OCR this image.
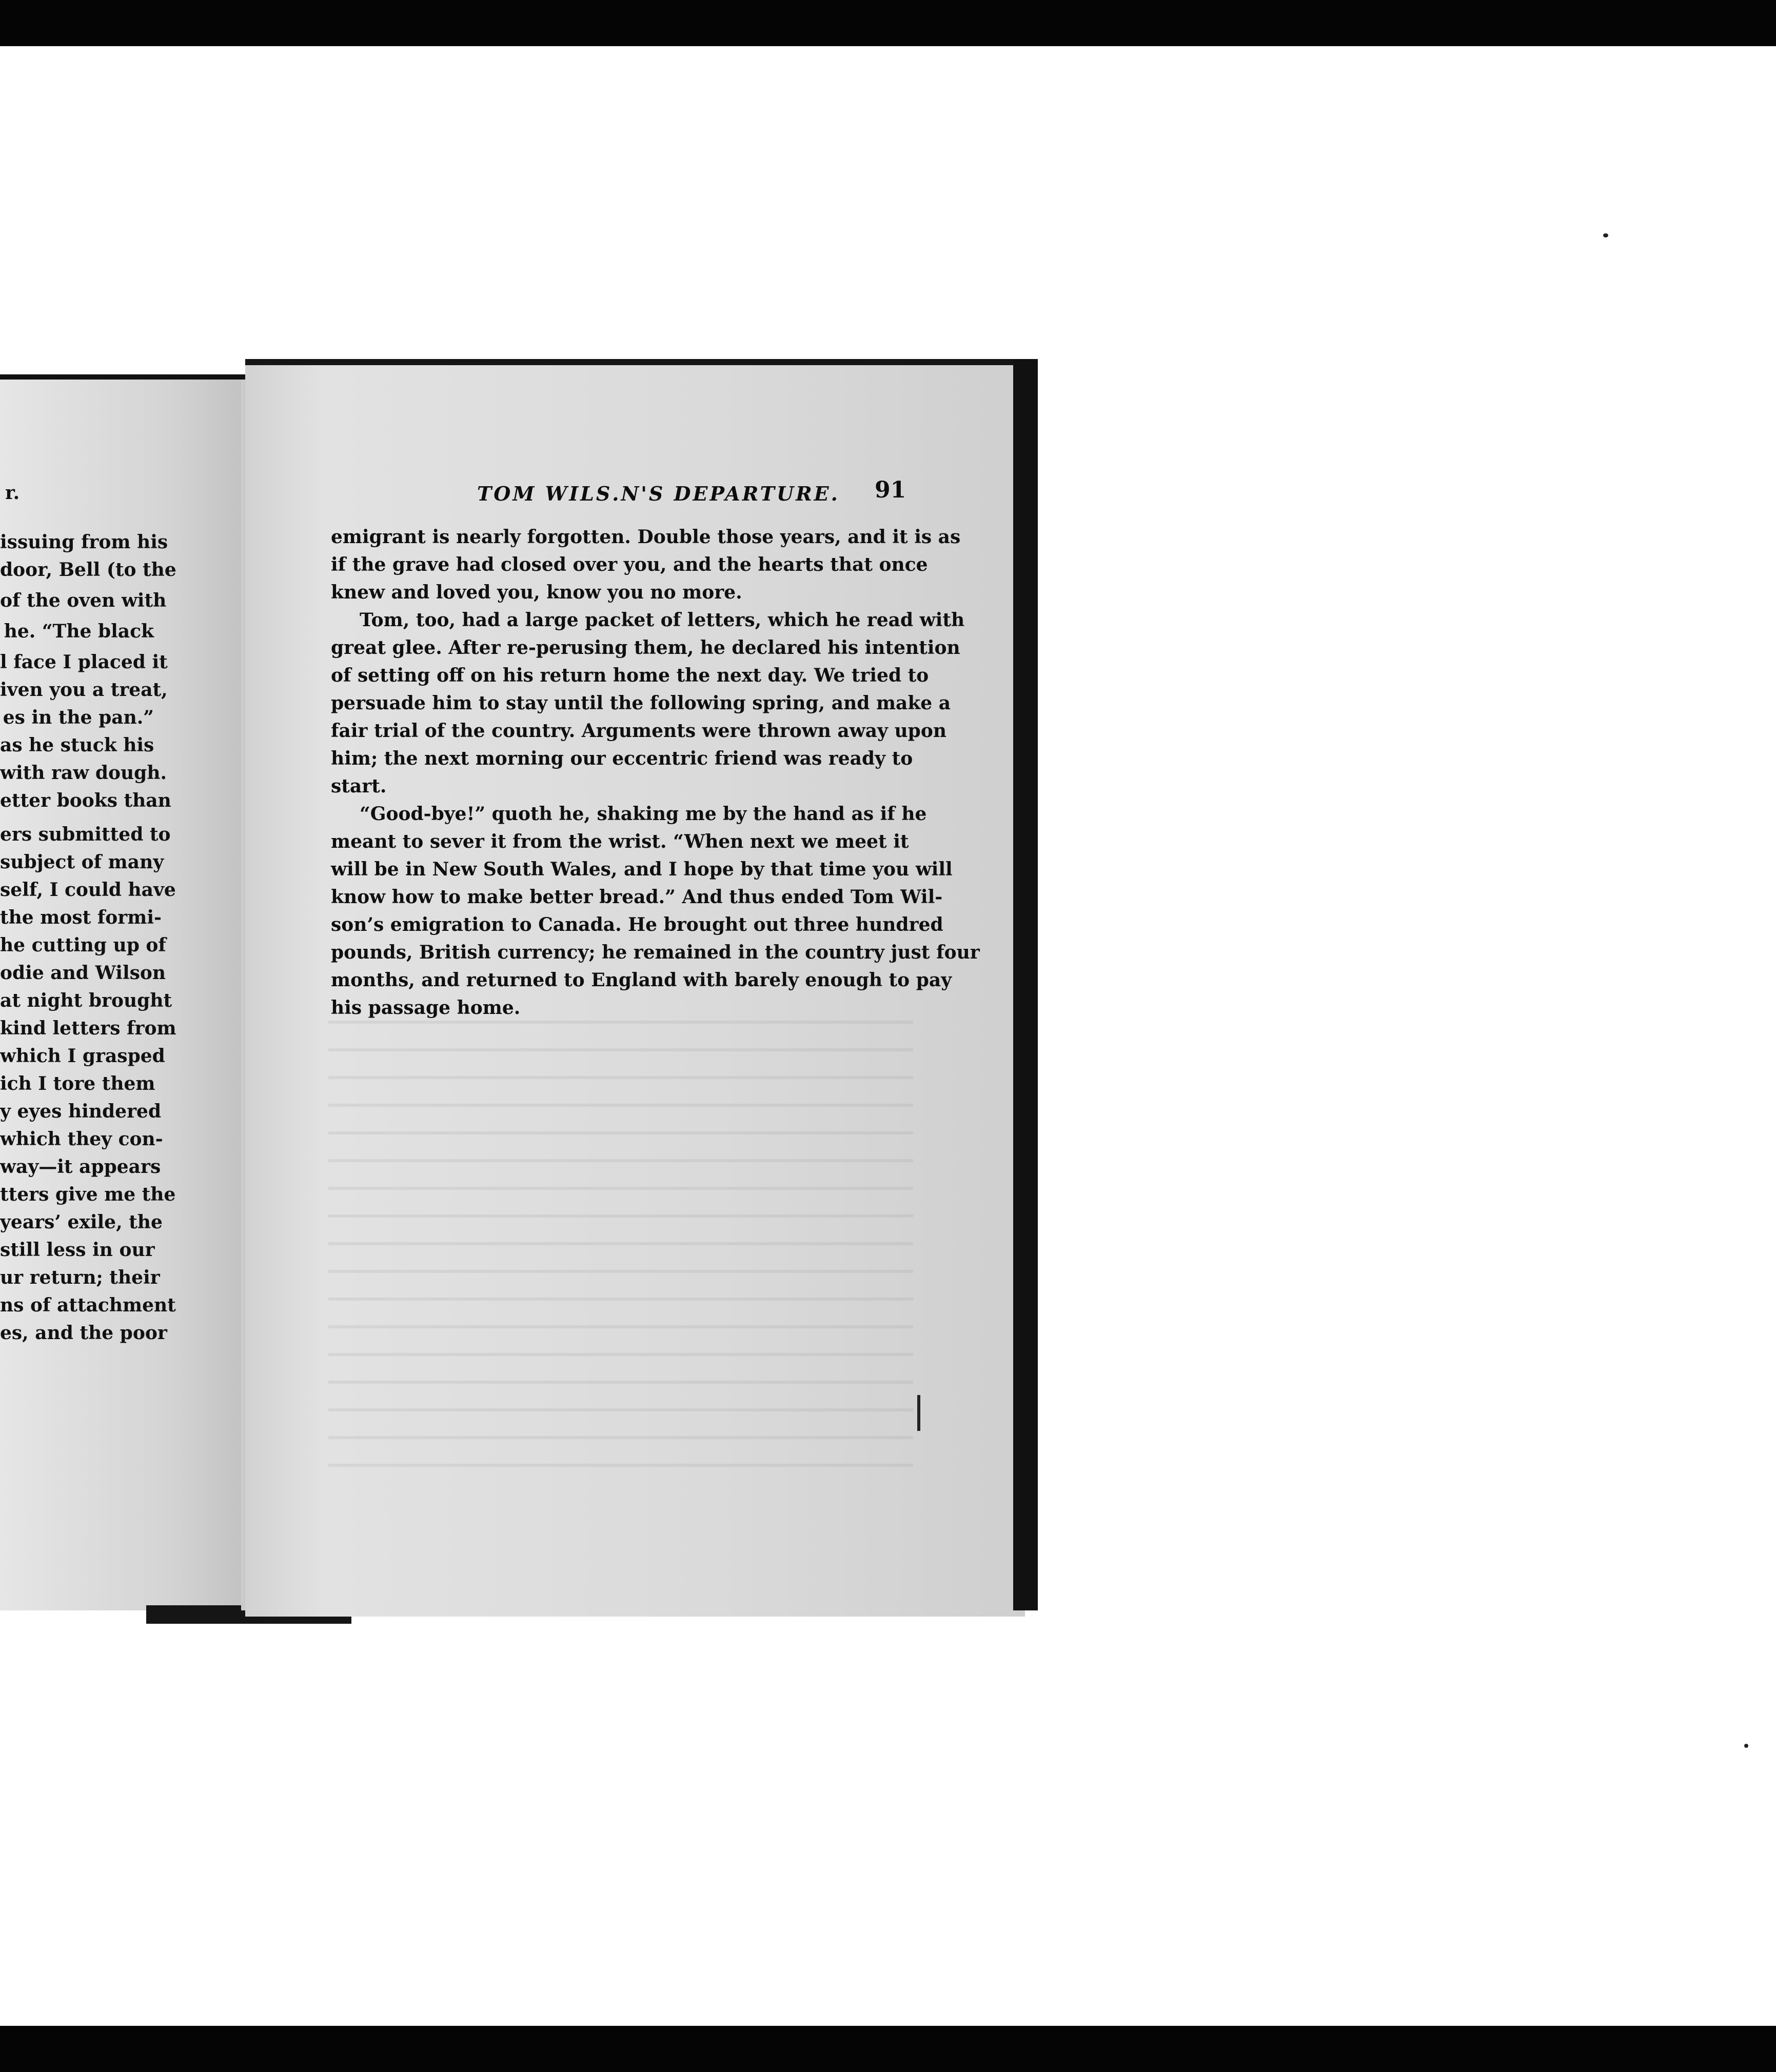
r.
issuing from his
door, Bell (to the
of the oven with
he. “The black
l face I placed it
iven you a treat,
es in the pan.”
as he stuck his
with raw dough.
etter books than
ers submitted to
subject of many
self, I could have
the most formi-
he cutting up of
odie and Wilson
at night brought
kind letters from
which I grasped
ich I tore them
y eyes hindered
which they con-
way—it appears
tters give me the
years’ exile, the
still less in our
ur return; their
ns of attachment
es, and the poor
TOM WILS․N'S DEPARTURE. 91
emigrant is nearly forgotten. Double those years, and it is as
if the grave had closed over you, and the hearts that once
knew and loved you, know you no more.
Tom, too, had a large packet of letters, which he read with
great glee. After re-perusing them, he declared his intention
of setting off on his return home the next day. We tried to
persuade him to stay until the following spring, and make a
fair trial of the country. Arguments were thrown away upon
him; the next morning our eccentric friend was ready to
start.
“Good-bye!” quoth he, shaking me by the hand as if he
meant to sever it from the wrist. “When next we meet it
will be in New South Wales, and I hope by that time you will
know how to make better bread.” And thus ended Tom Wil-
son’s emigration to Canada. He brought out three hundred
pounds, British currency; he remained in the country just four
months, and returned to England with barely enough to pay
his passage home.
